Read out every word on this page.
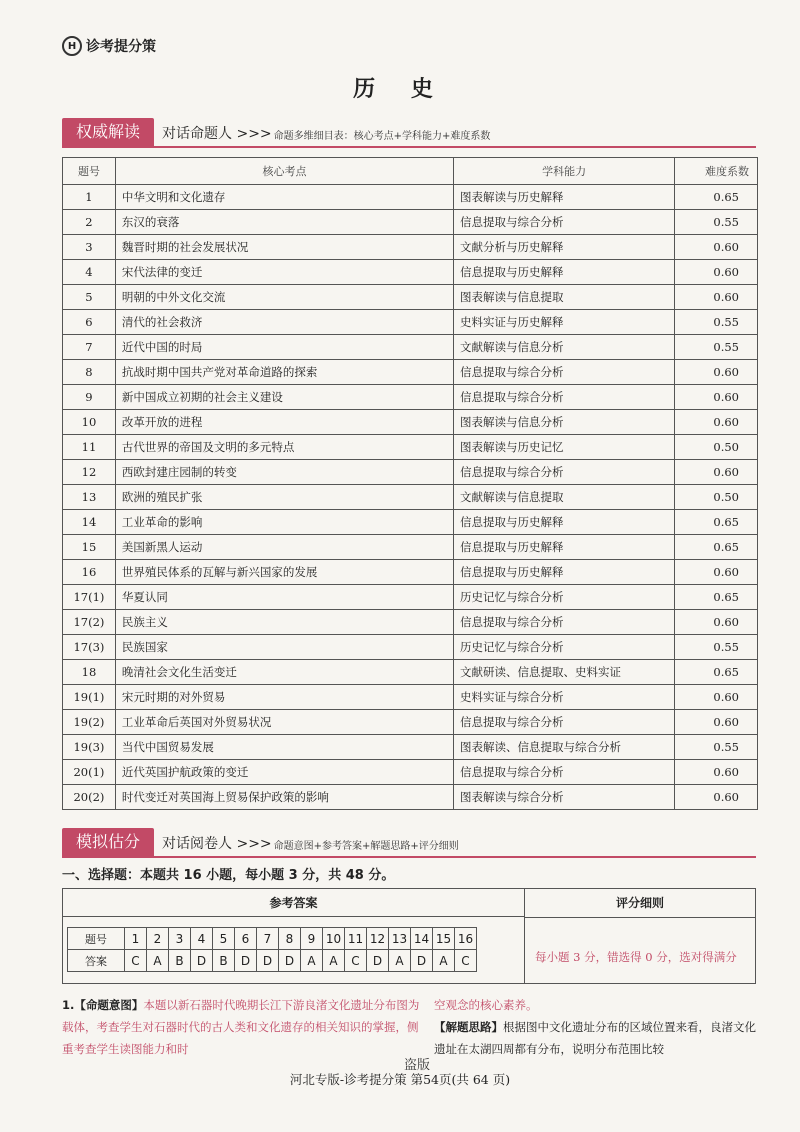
H 诊考提分策
历 史
权威解读	对话命题人 >>> 命题多维细目表：核心考点+学科能力+难度系数
题号	核心考点	学科能力	难度系数
1	中华文明和文化遗存	图表解读与历史解释	0.65
2	东汉的衰落	信息提取与综合分析	0.55
3	魏晋时期的社会发展状况	文献分析与历史解释	0.60
4	宋代法律的变迁	信息提取与历史解释	0.60
5	明朝的中外文化交流	图表解读与信息提取	0.60
6	清代的社会救济	史料实证与历史解释	0.55
7	近代中国的时局	文献解读与信息分析	0.55
8	抗战时期中国共产党对革命道路的探索	信息提取与综合分析	0.60
9	新中国成立初期的社会主义建设	信息提取与综合分析	0.60
10	改革开放的进程	图表解读与信息分析	0.60
11	古代世界的帝国及文明的多元特点	图表解读与历史记忆	0.50
12	西欧封建庄园制的转变	信息提取与综合分析	0.60
13	欧洲的殖民扩张	文献解读与信息提取	0.50
14	工业革命的影响	信息提取与历史解释	0.65
15	美国新黑人运动	信息提取与历史解释	0.65
16	世界殖民体系的瓦解与新兴国家的发展	信息提取与历史解释	0.60
17(1)	华夏认同	历史记忆与综合分析	0.65
17(2)	民族主义	信息提取与综合分析	0.60
17(3)	民族国家	历史记忆与综合分析	0.55
18	晚清社会文化生活变迁	文献研读、信息提取、史料实证	0.65
19(1)	宋元时期的对外贸易	史料实证与综合分析	0.60
19(2)	工业革命后英国对外贸易状况	信息提取与综合分析	0.60
19(3)	当代中国贸易发展	图表解读、信息提取与综合分析	0.55
20(1)	近代英国护航政策的变迁	信息提取与综合分析	0.60
20(2)	时代变迁对英国海上贸易保护政策的影响	图表解读与综合分析	0.60
模拟估分	对话阅卷人 >>> 命题意图+参考答案+解题思路+评分细则
一、选择题：本题共 16 小题，每小题 3 分，共 48 分。
参考答案	评分细则
题号	1	2	3	4	5	6	7	8	9	10	11	12	13	14	15	16
答案	C	A	B	D	B	D	D	D	A	A	C	D	A	D	A	C	每小题 3 分，错选得 0 分，选对得满分
1.【命题意图】本题以新石器时代晚期长江下游良渚文化遗址分布图为载体，考查学生对石器时代的古人类和文化遗存的相关知识的掌握，侧重考查学生读图能力和时
空观念的核心素养。
【解题思路】根据图中文化遗址分布的区域位置来看，良渚文化遗址在太湖四周都有分布，说明分布范围比较
盗版
河北专版-诊考提分策 第54页(共 64 页)
